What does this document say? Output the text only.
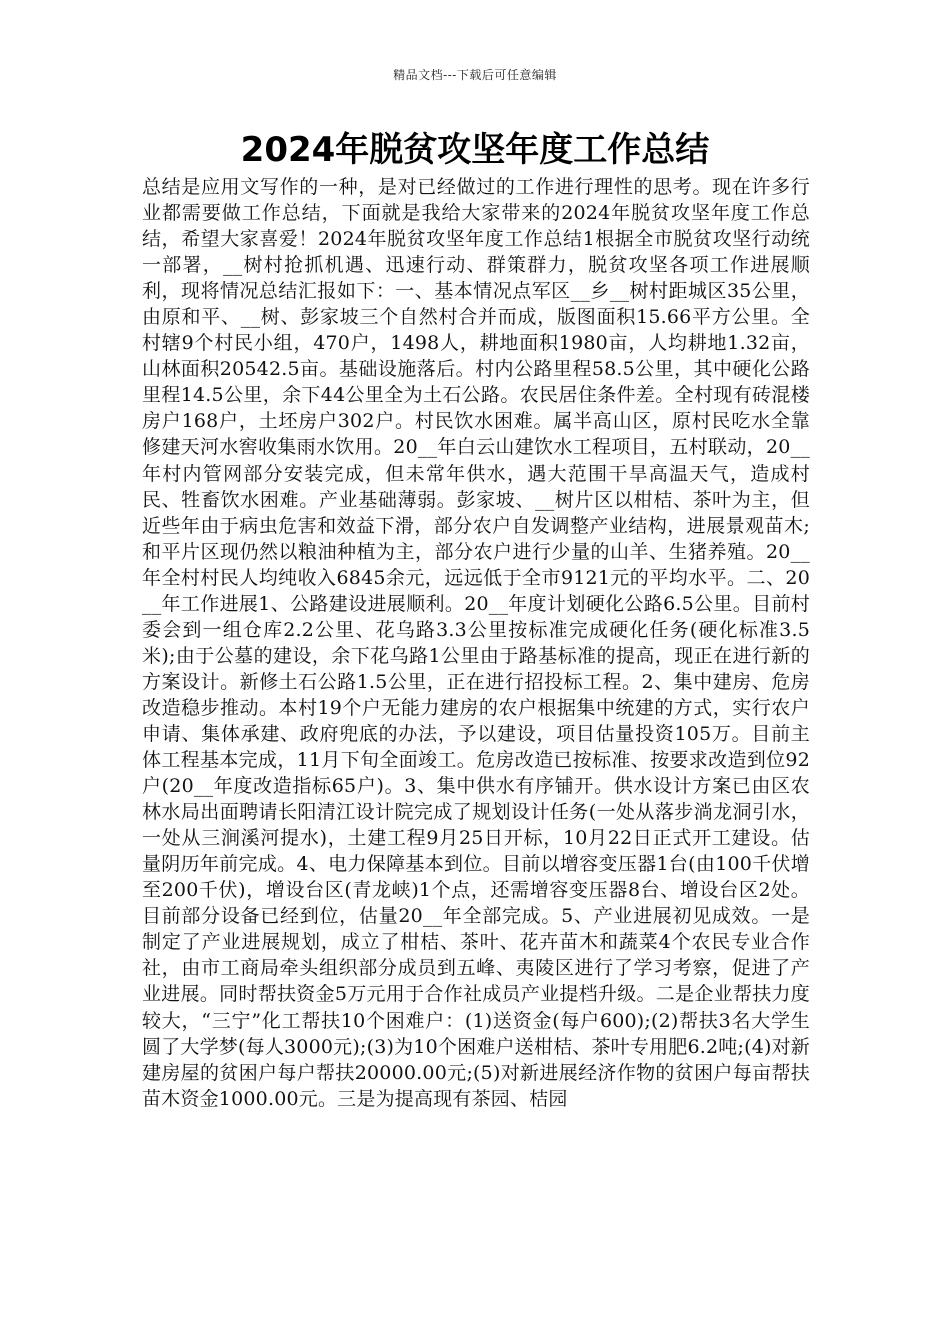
精品文档---下载后可任意编辑
2024年脱贫攻坚年度工作总结

总结是应用文写作的一种，是对已经做过的工作进行理性的思考。现在许多行业都需要做工作总结，下面就是我给大家带来的2024年脱贫攻坚年度工作总结，希望大家喜爱！2024年脱贫攻坚年度工作总结1根据全市脱贫攻坚行动统一部署，__树村抢抓机遇、迅速行动、群策群力，脱贫攻坚各项工作进展顺利，现将情况总结汇报如下：一、基本情况点军区__乡__树村距城区35公里，由原和平、__树、彭家坡三个自然村合并而成，版图面积15.66平方公里。全村辖9个村民小组，470户，1498人，耕地面积1980亩，人均耕地1.32亩，山林面积20542.5亩。基础设施落后。村内公路里程58.5公里，其中硬化公路里程14.5公里，余下44公里全为土石公路。农民居住条件差。全村现有砖混楼房户168户，土坯房户302户。村民饮水困难。属半高山区，原村民吃水全靠修建天河水窖收集雨水饮用。20__年白云山建饮水工程项目，五村联动，20__年村内管网部分安装完成，但未常年供水，遇大范围干旱高温天气，造成村民、牲畜饮水困难。产业基础薄弱。彭家坡、__树片区以柑桔、茶叶为主，但近些年由于病虫危害和效益下滑，部分农户自发调整产业结构，进展景观苗木;和平片区现仍然以粮油种植为主，部分农户进行少量的山羊、生猪养殖。20__年全村村民人均纯收入6845余元，远远低于全市9121元的平均水平。二、20__年工作进展1、公路建设进展顺利。20__年度计划硬化公路6.5公里。目前村委会到一组仓库2.2公里、花乌路3.3公里按标准完成硬化任务(硬化标准3.5米);由于公墓的建设，余下花乌路1公里由于路基标准的提高，现正在进行新的方案设计。新修土石公路1.5公里，正在进行招投标工程。2、集中建房、危房改造稳步推动。本村19个户无能力建房的农户根据集中统建的方式，实行农户申请、集体承建、政府兜底的办法，予以建设，项目估量投资105万。目前主体工程基本完成，11月下旬全面竣工。危房改造已按标准、按要求改造到位92户(20__年度改造指标65户)。3、集中供水有序铺开。供水设计方案已由区农林水局出面聘请长阳清江设计院完成了规划设计任务(一处从落步淌龙洞引水，一处从三涧溪河提水)，土建工程9月25日开标，10月22日正式开工建设。估量阴历年前完成。4、电力保障基本到位。目前以增容变压器1台(由100千伏增至200千伏)，增设台区(青龙峡)1个点，还需增容变压器8台、增设台区2处。目前部分设备已经到位，估量20__年全部完成。5、产业进展初见成效。一是制定了产业进展规划，成立了柑桔、茶叶、花卉苗木和蔬菜4个农民专业合作社，由市工商局牵头组织部分成员到五峰、夷陵区进行了学习考察，促进了产业进展。同时帮扶资金5万元用于合作社成员产业提档升级。二是企业帮扶力度较大，“三宁”化工帮扶10个困难户：(1)送资金(每户600);(2)帮扶3名大学生圆了大学梦(每人3000元);(3)为10个困难户送柑桔、茶叶专用肥6.2吨;(4)对新建房屋的贫困户每户帮扶20000.00元;(5)对新进展经济作物的贫困户每亩帮扶苗木资金1000.00元。三是为提高现有茶园、桔园
